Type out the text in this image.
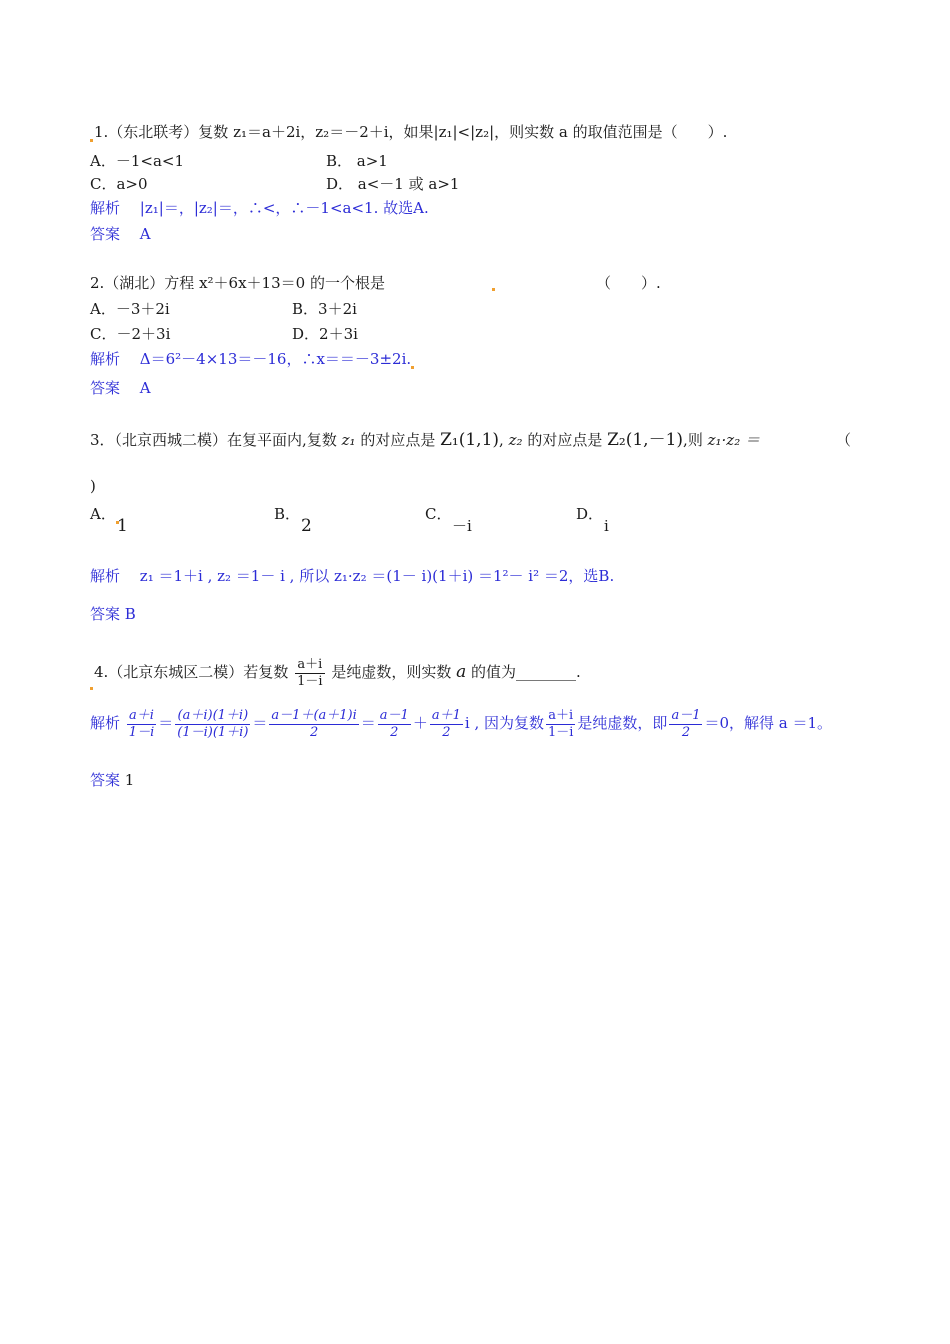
1.（东北联考）复数 z₁＝a＋2i，z₂＝－2＋i，如果|z₁|<|z₂|，则实数 a 的取值范围是（　　）.
A．－1<a<1	B． a>1
C．a>0	D． a<－1 或 a>1
解析　 |z₁|＝，|z₂|＝，∴<，∴－1<a<1. 故选A.
答案　 A
2.（湖北）方程 x²＋6x＋13＝0 的一个根是	（　　）.
A．－3＋2i	B．3＋2i
C．－2＋3i	D．2＋3i
解析　 Δ＝6²－4×13＝－16，∴x＝＝－3±2i.
答案　 A
3．（北京西城二模）在复平面内,复数 z₁ 的对应点是 Z₁(1,1), z₂ 的对应点是 Z₂(1,－1),则 z₁·z₂ ＝	（
)
A．
1
B．
2
C．
－i
D．
i
解析　 z₁ ＝1＋i , z₂ ＝1－ i , 所以 z₁·z₂ ＝(1－ i)(1＋i) ＝1²－ i² ＝2，选B.
答案 B
4.（北京东城区二模）若复数 $\frac{a+i}{1-i}$ 是纯虚数，则实数 a 的值为________.
解析 $\frac{a+i}{1-i} = \frac{(a+i)(1+i)}{(1-i)(1+i)} = \frac{a-1+(a+1)i}{2} = \frac{a-1}{2} + \frac{a+1}{2}$ i , 因为复数 $\frac{a+i}{1-i}$ 是纯虚数，即 $\frac{a-1}{2} =0$，解得 a ＝1。
答案 1
